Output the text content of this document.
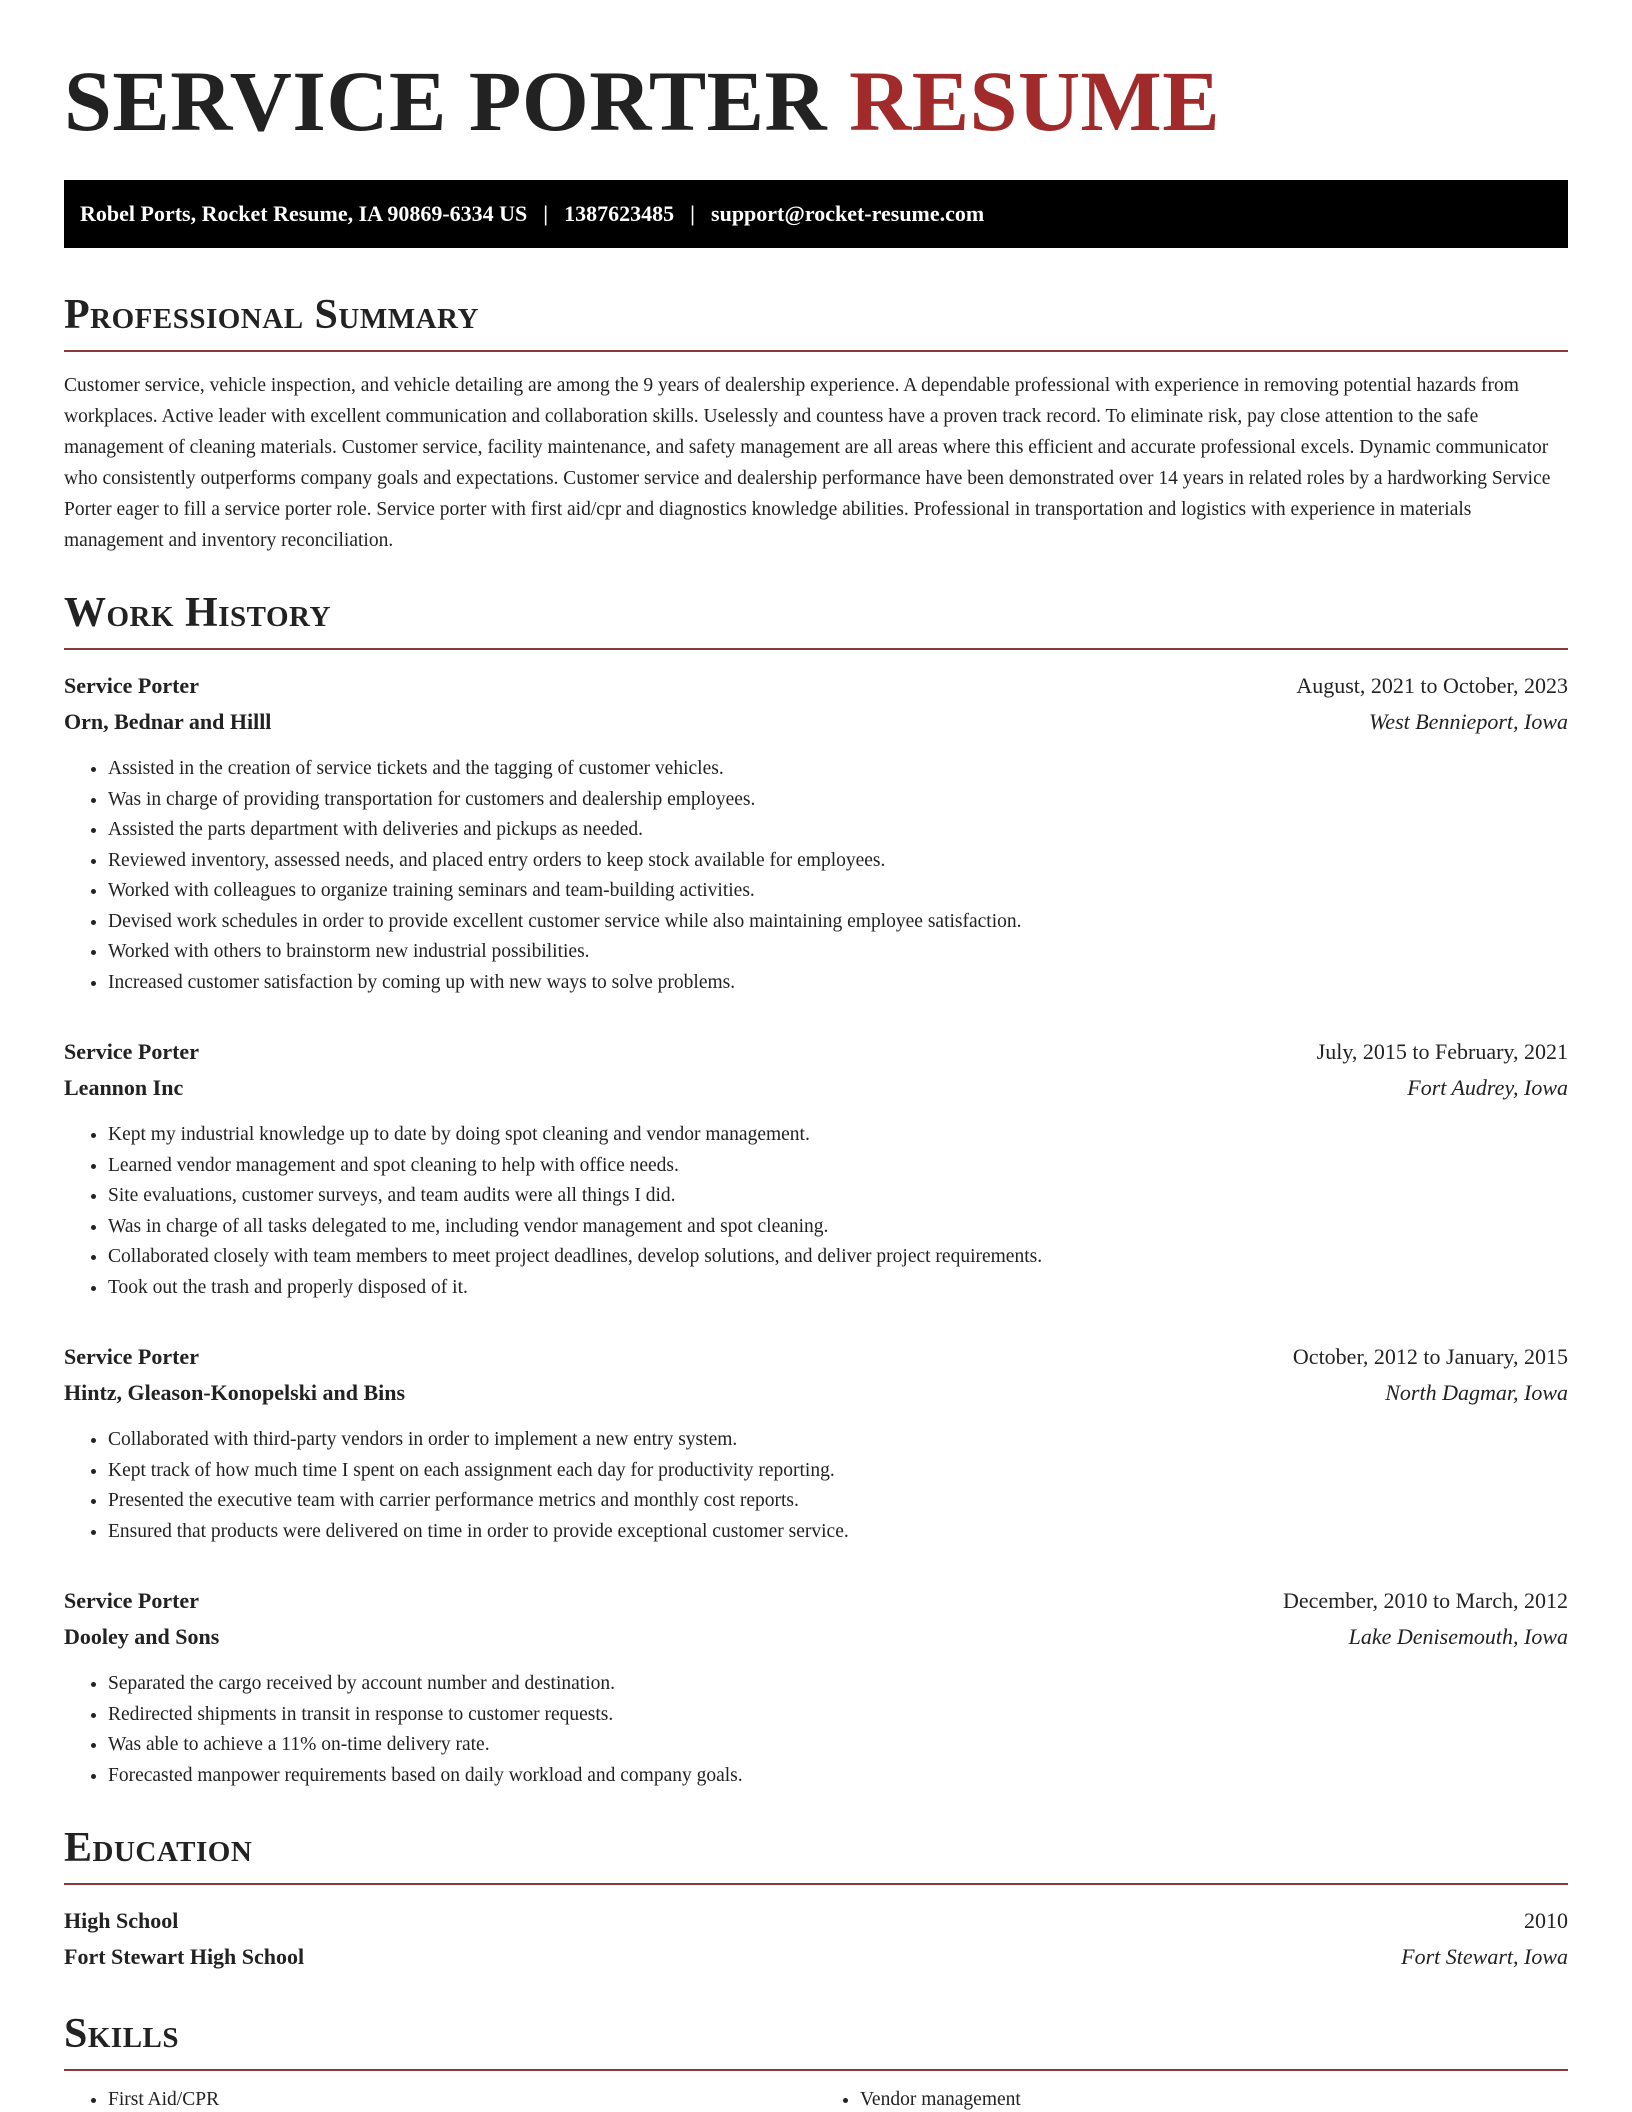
SERVICE PORTER RESUME
Robel Ports, Rocket Resume, IA 90869-6334 US | 1387623485 | support@rocket-resume.com
Professional Summary

Customer service, vehicle inspection, and vehicle detailing are among the 9 years of dealership experience. A dependable professional with experience in removing potential hazards from workplaces. Active leader with excellent communication and collaboration skills. Uselessly and countess have a proven track record. To eliminate risk, pay close attention to the safe management of cleaning materials. Customer service, facility maintenance, and safety management are all areas where this efficient and accurate professional excels. Dynamic communicator who consistently outperforms company goals and expectations. Customer service and dealership performance have been demonstrated over 14 years in related roles by a hardworking Service Porter eager to fill a service porter role. Service porter with first aid/cpr and diagnostics knowledge abilities. Professional in transportation and logistics with experience in materials management and inventory reconciliation.

Work History
Service Porter	August, 2021 to October, 2023
Orn, Bednar and Hilll	West Bennieport, Iowa
• Assisted in the creation of service tickets and the tagging of customer vehicles.
• Was in charge of providing transportation for customers and dealership employees.
• Assisted the parts department with deliveries and pickups as needed.
• Reviewed inventory, assessed needs, and placed entry orders to keep stock available for employees.
• Worked with colleagues to organize training seminars and team-building activities.
• Devised work schedules in order to provide excellent customer service while also maintaining employee satisfaction.
• Worked with others to brainstorm new industrial possibilities.
• Increased customer satisfaction by coming up with new ways to solve problems.
Service Porter	July, 2015 to February, 2021
Leannon Inc	Fort Audrey, Iowa
• Kept my industrial knowledge up to date by doing spot cleaning and vendor management.
• Learned vendor management and spot cleaning to help with office needs.
• Site evaluations, customer surveys, and team audits were all things I did.
• Was in charge of all tasks delegated to me, including vendor management and spot cleaning.
• Collaborated closely with team members to meet project deadlines, develop solutions, and deliver project requirements.
• Took out the trash and properly disposed of it.
Service Porter	October, 2012 to January, 2015
Hintz, Gleason-Konopelski and Bins	North Dagmar, Iowa
• Collaborated with third-party vendors in order to implement a new entry system.
• Kept track of how much time I spent on each assignment each day for productivity reporting.
• Presented the executive team with carrier performance metrics and monthly cost reports.
• Ensured that products were delivered on time in order to provide exceptional customer service.
Service Porter	December, 2010 to March, 2012
Dooley and Sons	Lake Denisemouth, Iowa
• Separated the cargo received by account number and destination.
• Redirected shipments in transit in response to customer requests.
• Was able to achieve a 11% on-time delivery rate.
• Forecasted manpower requirements based on daily workload and company goals.
Education
High School	2010
Fort Stewart High School	Fort Stewart, Iowa
Skills
• First Aid/CPR
•	Vendor management
